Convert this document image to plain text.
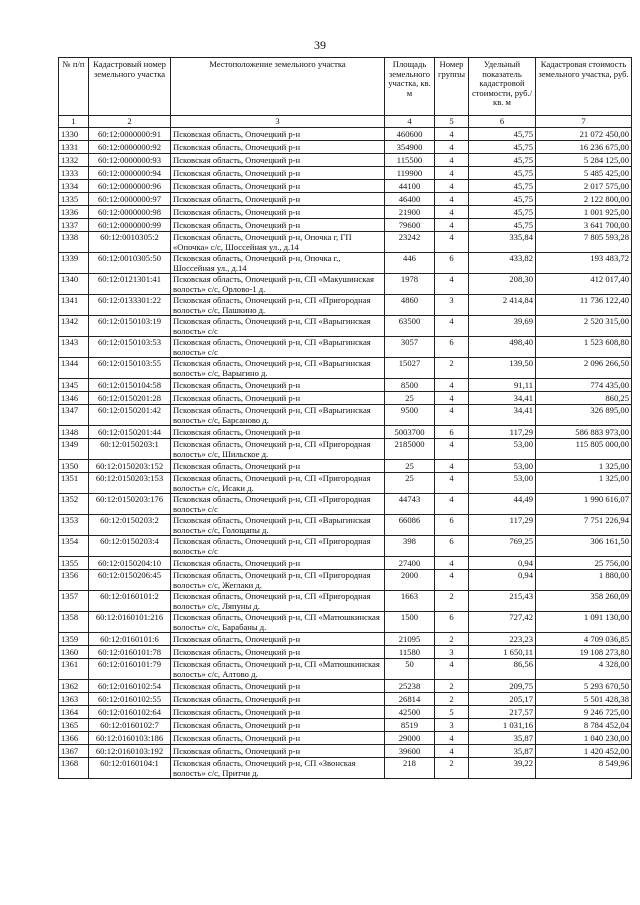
39
№ п/п	Кадастровый номер земельного участка	Местоположение земельного участка	Площадь земельного участка, кв. м	Номер группы	Удельный показатель кадастровой стоимости, руб./кв. м	Кадастровая стоимость земельного участка, руб.
1	2	3	4	5	6	7
1330	60:12:0000000:91	Псковская область, Опочецкий р-н	460600	4	45,75	21 072 450,00
1331	60:12:0000000:92	Псковская область, Опочецкий р-н	354900	4	45,75	16 236 675,00
1332	60:12:0000000:93	Псковская область, Опочецкий р-н	115500	4	45,75	5 284 125,00
1333	60:12:0000000:94	Псковская область, Опочецкий р-н	119900	4	45,75	5 485 425,00
1334	60:12:0000000:96	Псковская область, Опочецкий р-н	44100	4	45,75	2 017 575,00
1335	60:12:0000000:97	Псковская область, Опочецкий р-н	46400	4	45,75	2 122 800,00
1336	60:12:0000000:98	Псковская область, Опочецкий р-н	21900	4	45,75	1 001 925,00
1337	60:12:0000000:99	Псковская область, Опочецкий р-н	79600	4	45,75	3 641 700,00
1338	60:12:0010305:2	Псковская область, Опочецкий р-н, Опочка г, ГП «Опочка» с/с, Шоссейная ул., д.14	23242	4	335,84	7 805 593,28
1339	60:12:0010305:50	Псковская область, Опочецкий р-н, Опочка г., Шоссейная ул., д.14	446	6	433,82	193 483,72
1340	60:12:0121301:41	Псковская область, Опочецкий р-н, СП «Макушинская волость» с/с, Орлово-1 д.	1978	4	208,30	412 017,40
1341	60:12:0133301:22	Псковская область, Опочецкий р-н, СП «Пригородная волость» с/с, Пашкино д.	4860	3	2 414,84	11 736 122,40
1342	60:12:0150103:19	Псковская область, Опочецкий р-н, СП «Варыгинская волость» с/с	63500	4	39,69	2 520 315,00
1343	60:12:0150103:53	Псковская область, Опочецкий р-н, СП «Варыгинская волость» с/с	3057	6	498,40	1 523 608,80
1344	60:12:0150103:55	Псковская область, Опочецкий р-н, СП «Варыгинская волость» с/с, Варыгино д.	15027	2	139,50	2 096 266,50
1345	60:12:0150104:58	Псковская область, Опочецкий р-н	8500	4	91,11	774 435,00
1346	60:12:0150201:28	Псковская область, Опочецкий р-н	25	4	34,41	860,25
1347	60:12:0150201:42	Псковская область, Опочецкий р-н, СП «Варыгинская волость» с/с, Барсаново д.	9500	4	34,41	326 895,00
1348	60:12:0150201:44	Псковская область, Опочецкий р-н	5003700	6	117,29	586 883 973,00
1349	60:12:0150203:1	Псковская область, Опочецкий р-н, СП «Пригородная волость» с/с, Шильское д.	2185000	4	53,00	115 805 000,00
1350	60:12:0150203:152	Псковская область, Опочецкий р-н	25	4	53,00	1 325,00
1351	60:12:0150203:153	Псковская область, Опочецкий р-н, СП «Пригородная волость» с/с, Исаки д.	25	4	53,00	1 325,00
1352	60:12:0150203:176	Псковская область, Опочецкий р-н, СП «Пригородная волость» с/с	44743	4	44,49	1 990 616,07
1353	60:12:0150203:2	Псковская область, Опочецкий р-н, СП «Варыгинская волость» с/с, Голощапы д.	66086	6	117,29	7 751 226,94
1354	60:12:0150203:4	Псковская область, Опочецкий р-н, СП «Пригородная волость» с/с	398	6	769,25	306 161,50
1355	60:12:0150204:10	Псковская область, Опочецкий р-н	27400	4	0,94	25 756,00
1356	60:12:0150206:45	Псковская область, Опочецкий р-н, СП «Пригородная волость» с/с, Жеглаки д.	2000	4	0,94	1 880,00
1357	60:12:0160101:2	Псковская область, Опочецкий р-н, СП «Пригородная волость» с/с, Ляпуны д.	1663	2	215,43	358 260,09
1358	60:12:0160101:216	Псковская область, Опочецкий р-н, СП «Матюшкинская волость» с/с, Барабаны д.	1500	6	727,42	1 091 130,00
1359	60:12:0160101:6	Псковская область, Опочецкий р-н	21095	2	223,23	4 709 036,85
1360	60:12:0160101:78	Псковская область, Опочецкий р-н	11580	3	1 650,11	19 108 273,80
1361	60:12:0160101:79	Псковская область, Опочецкий р-н, СП «Матюшкинская волость» с/с, Алтово д.	50	4	86,56	4 328,00
1362	60:12:0160102:54	Псковская область, Опочецкий р-н	25238	2	209,75	5 293 670,50
1363	60:12:0160102:55	Псковская область, Опочецкий р-н	26814	2	205,17	5 501 428,38
1364	60:12:0160102:64	Псковская область, Опочецкий р-н	42500	5	217,57	9 246 725,00
1365	60:12:0160102:7	Псковская область, Опочецкий р-н	8519	3	1 031,16	8 784 452,04
1366	60:12:0160103:186	Псковская область, Опочецкий р-н	29000	4	35,87	1 040 230,00
1367	60:12:0160103:192	Псковская область, Опочецкий р-н	39600	4	35,87	1 420 452,00
1368	60:12:0160104:1	Псковская область, Опочецкий р-н, СП «Звонская волость» с/с, Притчи д.	218	2	39,22	8 549,96
